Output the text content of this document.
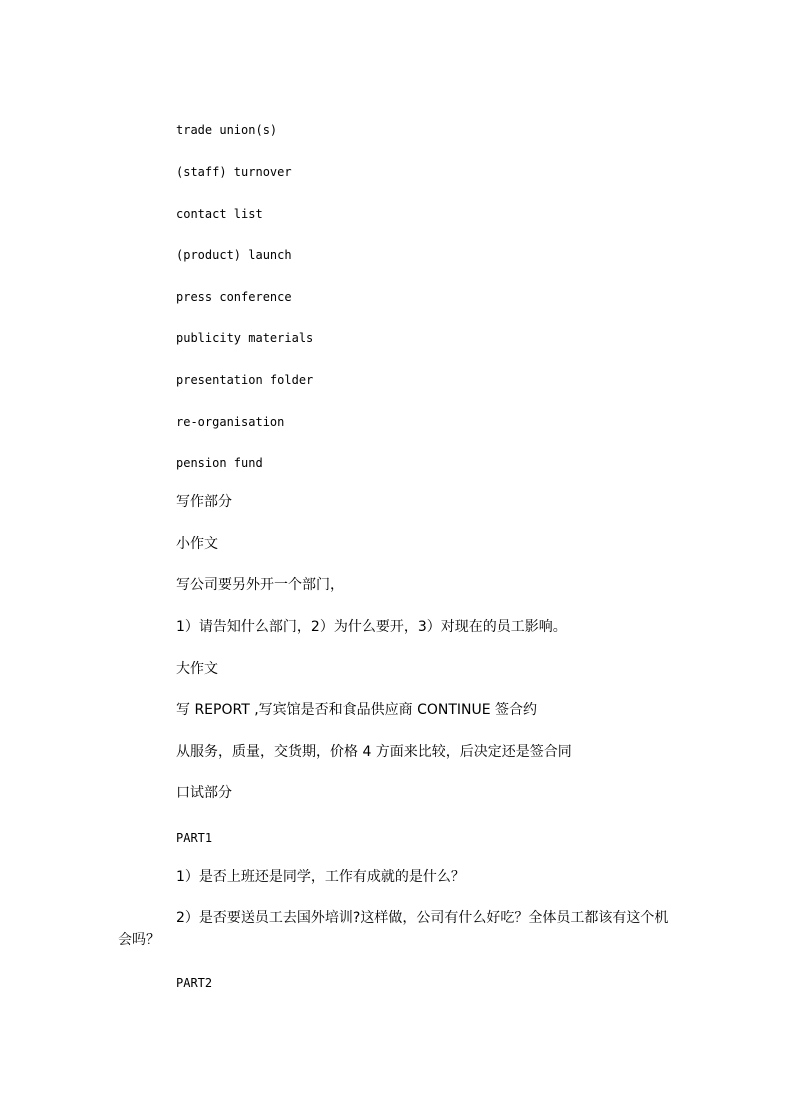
trade union(s)
(staff) turnover
contact list
(product) launch
press conference
publicity materials
presentation folder
re-organisation
pension fund
写作部分
小作文
写公司要另外开一个部门，
1）请告知什么部门，2）为什么要开，3）对现在的员工影响。
大作文
写 REPORT ,写宾馆是否和食品供应商 CONTINUE 签合约
从服务，质量，交货期，价格 4 方面来比较，后决定还是签合同
口试部分
PART1
1）是否上班还是同学，工作有成就的是什么？
2）是否要送员工去国外培训?这样做，公司有什么好吃？全体员工都该有这个机会吗？
PART2
